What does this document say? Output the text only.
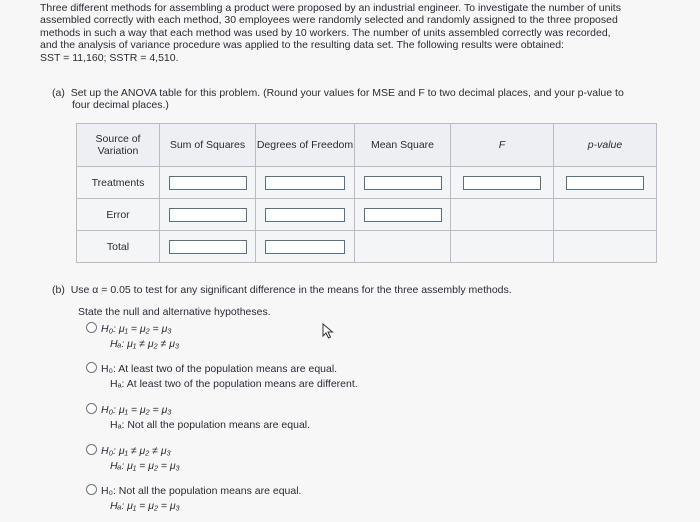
Three different methods for assembling a product were proposed by an industrial engineer. To investigate the number of units
assembled correctly with each method, 30 employees were randomly selected and randomly assigned to the three proposed
methods in such a way that each method was used by 10 workers. The number of units assembled correctly was recorded,
and the analysis of variance procedure was applied to the resulting data set. The following results were obtained:
SST = 11,160; SSTR = 4,510.
(a) Set up the ANOVA table for this problem. (Round your values for MSE and F to two decimal places, and your p-value to
four decimal places.)
Source of Variation	Sum of Squares	Degrees of Freedom	Mean Square	F	p-value
Treatments	

Error	

Total	

(b) Use α = 0.05 to test for any significant difference in the means for the three assembly methods.
State the null and alternative hypotheses.
H₀: μ₁ = μ₂ = μ₃
Hₐ: μ₁ ≠ μ₂ ≠ μ₃
H₀: At least two of the population means are equal.
Hₐ: At least two of the population means are different.
H₀: μ₁ = μ₂ = μ₃
Hₐ: Not all the population means are equal.
H₀: μ₁ ≠ μ₂ ≠ μ₃
Hₐ: μ₁ = μ₂ = μ₃
H₀: Not all the population means are equal.
Hₐ: μ₁ = μ₂ = μ₃
